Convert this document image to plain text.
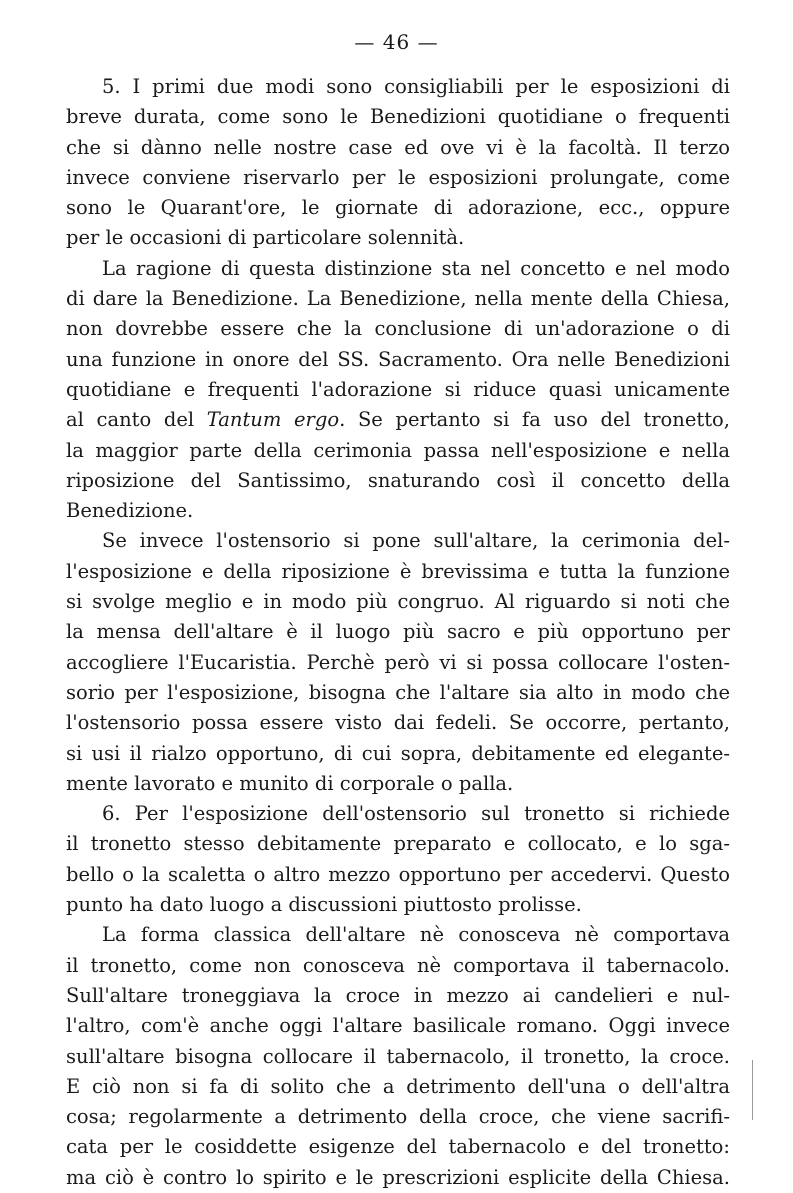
— 46 —
5. I primi due modi sono consigliabili per le esposizioni di
breve durata, come sono le Benedizioni quotidiane o frequenti
che si dànno nelle nostre case ed ove vi è la facoltà. Il terzo
invece conviene riservarlo per le esposizioni prolungate, come
sono le Quarant'ore, le giornate di adorazione, ecc., oppure
per le occasioni di particolare solennità.
La ragione di questa distinzione sta nel concetto e nel modo
di dare la Benedizione. La Benedizione, nella mente della Chiesa,
non dovrebbe essere che la conclusione di un'adorazione o di
una funzione in onore del SS. Sacramento. Ora nelle Benedizioni
quotidiane e frequenti l'adorazione si riduce quasi unicamente
al canto del Tantum ergo. Se pertanto si fa uso del tronetto,
la maggior parte della cerimonia passa nell'esposizione e nella
riposizione del Santissimo, snaturando così il concetto della
Benedizione.
Se invece l'ostensorio si pone sull'altare, la cerimonia del-
l'esposizione e della riposizione è brevissima e tutta la funzione
si svolge meglio e in modo più congruo. Al riguardo si noti che
la mensa dell'altare è il luogo più sacro e più opportuno per
accogliere l'Eucaristia. Perchè però vi si possa collocare l'osten-
sorio per l'esposizione, bisogna che l'altare sia alto in modo che
l'ostensorio possa essere visto dai fedeli. Se occorre, pertanto,
si usi il rialzo opportuno, di cui sopra, debitamente ed elegante-
mente lavorato e munito di corporale o palla.
6. Per l'esposizione dell'ostensorio sul tronetto si richiede
il tronetto stesso debitamente preparato e collocato, e lo sga-
bello o la scaletta o altro mezzo opportuno per accedervi. Questo
punto ha dato luogo a discussioni piuttosto prolisse.
La forma classica dell'altare nè conosceva nè comportava
il tronetto, come non conosceva nè comportava il tabernacolo.
Sull'altare troneggiava la croce in mezzo ai candelieri e nul-
l'altro, com'è anche oggi l'altare basilicale romano. Oggi invece
sull'altare bisogna collocare il tabernacolo, il tronetto, la croce.
E ciò non si fa di solito che a detrimento dell'una o dell'altra
cosa; regolarmente a detrimento della croce, che viene sacrifi-
cata per le cosiddette esigenze del tabernacolo e del tronetto:
ma ciò è contro lo spirito e le prescrizioni esplicite della Chiesa.
